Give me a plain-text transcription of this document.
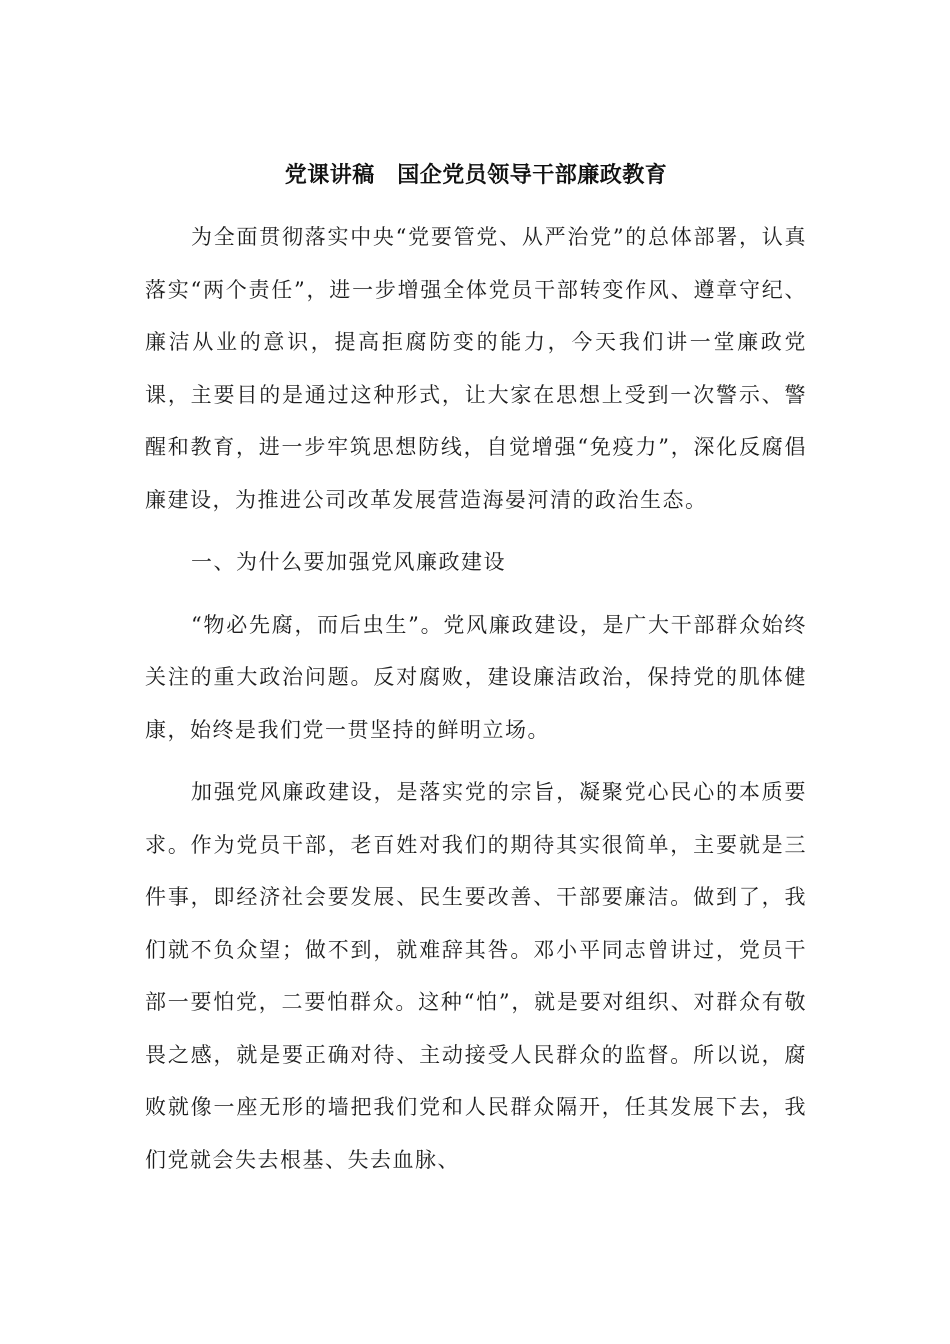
党课讲稿　国企党员领导干部廉政教育

为全面贯彻落实中央“党要管党、从严治党”的总体部署，认真落实“两个责任”，进一步增强全体党员干部转变作风、遵章守纪、廉洁从业的意识，提高拒腐防变的能力，今天我们讲一堂廉政党课，主要目的是通过这种形式，让大家在思想上受到一次警示、警醒和教育，进一步牢筑思想防线，自觉增强“免疫力”，深化反腐倡廉建设，为推进公司改革发展营造海晏河清的政治生态。

一、为什么要加强党风廉政建设

“物必先腐，而后虫生”。党风廉政建设，是广大干部群众始终关注的重大政治问题。反对腐败，建设廉洁政治，保持党的肌体健康，始终是我们党一贯坚持的鲜明立场。

加强党风廉政建设，是落实党的宗旨，凝聚党心民心的本质要求。作为党员干部，老百姓对我们的期待其实很简单，主要就是三件事，即经济社会要发展、民生要改善、干部要廉洁。做到了，我们就不负众望；做不到，就难辞其咎。邓小平同志曾讲过，党员干部一要怕党，二要怕群众。这种“怕”，就是要对组织、对群众有敬畏之感，就是要正确对待、主动接受人民群众的监督。所以说，腐败就像一座无形的墙把我们党和人民群众隔开，任其发展下去，我们党就会失去根基、失去血脉、
